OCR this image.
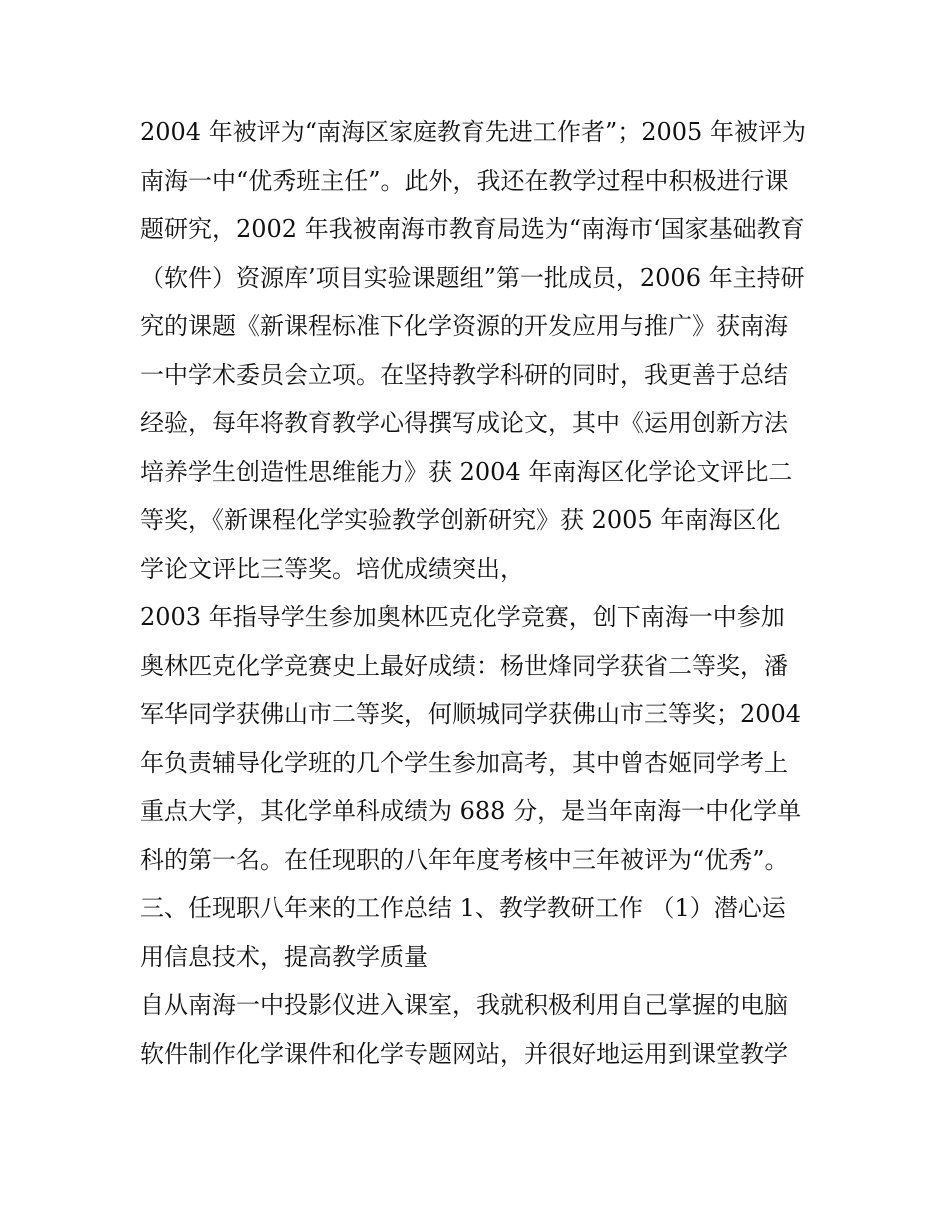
2004 年被评为“南海区家庭教育先进工作者”；2005 年被评为

南海一中“优秀班主任”。此外，我还在教学过程中积极进行课

题研究，2002 年我被南海市教育局选为“南海市‘国家基础教育

（软件）资源库’项目实验课题组”第一批成员，2006 年主持研

究的课题《新课程标准下化学资源的开发应用与推广》获南海

一中学术委员会立项。在坚持教学科研的同时，我更善于总结

经验，每年将教育教学心得撰写成论文，其中《运用创新方法

培养学生创造性思维能力》获 2004 年南海区化学论文评比二

等奖，《新课程化学实验教学创新研究》获 2005 年南海区化

学论文评比三等奖。培优成绩突出，

2003 年指导学生参加奥林匹克化学竞赛，创下南海一中参加

奥林匹克化学竞赛史上最好成绩：杨世烽同学获省二等奖，潘

军华同学获佛山市二等奖，何顺城同学获佛山市三等奖；2004

年负责辅导化学班的几个学生参加高考，其中曾杏姬同学考上

重点大学，其化学单科成绩为 688 分，是当年南海一中化学单

科的第一名。在任现职的八年年度考核中三年被评为“优秀”。

三、任现职八年来的工作总结 1、教学教研工作 （1）潜心运

用信息技术，提高教学质量

自从南海一中投影仪进入课室，我就积极利用自己掌握的电脑

软件制作化学课件和化学专题网站，并很好地运用到课堂教学
